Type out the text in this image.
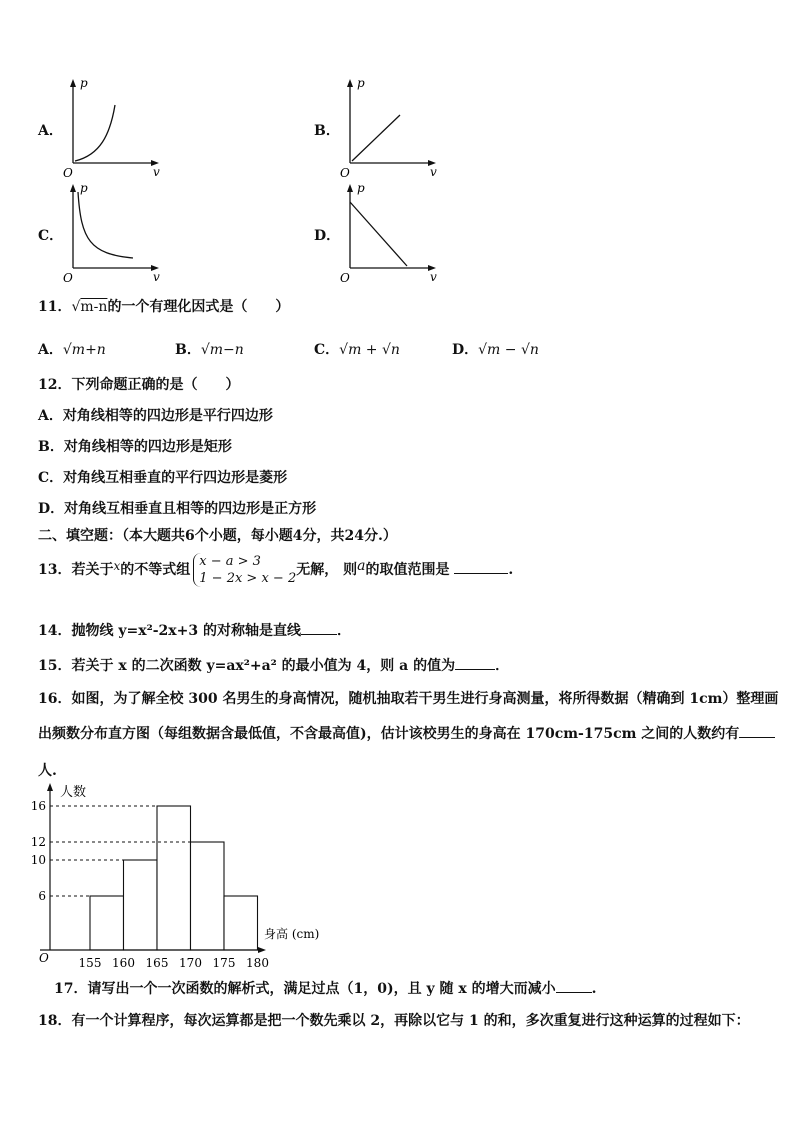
A．	B．
C．	D．
p
v
O
p
v
O
p
v
O
p
v
O
11．√m-n的一个有理化因式是（　　）
A．√m+n	B．√m−n	C．√m + √n	D．√m − √n
12．下列命题正确的是（　　）
A．对角线相等的四边形是平行四边形
B．对角线相等的四边形是矩形
C．对角线互相垂直的平行四边形是菱形
D．对角线互相垂直且相等的四边形是正方形
二、填空题：（本大题共6个小题，每小题4分，共24分.）
13．若关于x的不等式组x − a > 3
1 − 2x > x − 2无解， 则a的取值范围是	.
14．抛物线 y=x²-2x+3 的对称轴是直线	．
15．若关于 x 的二次函数 y=ax²+a² 的最小值为 4，则 a 的值为	．
16．如图，为了解全校 300 名男生的身高情况，随机抽取若干男生进行身高测量，将所得数据（精确到 1cm）整理画
出频数分布直方图（每组数据含最低值，不含最高值)，估计该校男生的身高在 170cm-175cm 之间的人数约有
人.
人数
身高 (cm)
O
6
10
12
16
155 160 165 170 175 180
17．请写出一个一次函数的解析式，满足过点（1，0)，且 y 随 x 的增大而减小	.
18．有一个计算程序，每次运算都是把一个数先乘以 2，再除以它与 1 的和，多次重复进行这种运算的过程如下：
